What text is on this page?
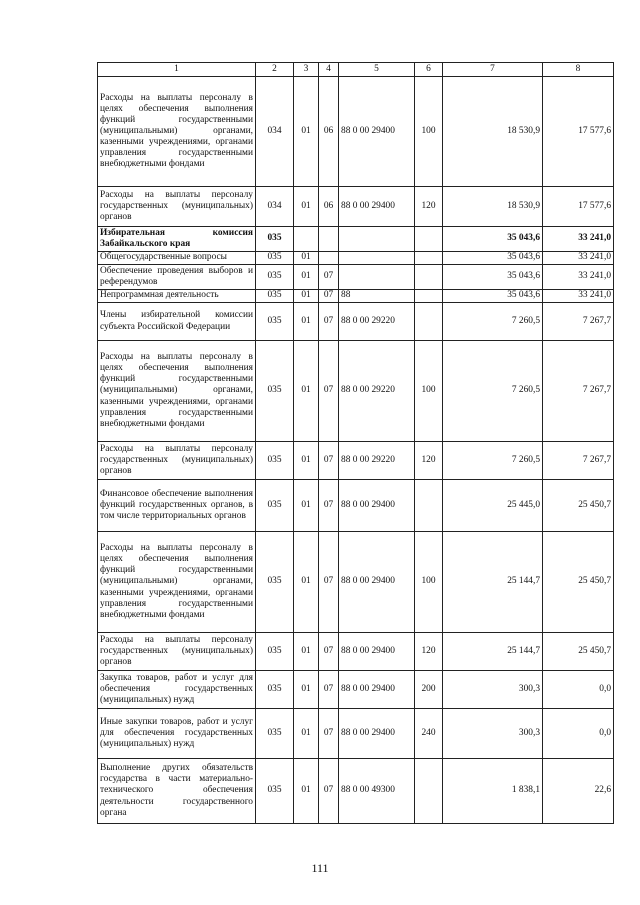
1	2	3	4	5	6	7	8
Расходы на выплаты персоналу в целях обеспечения выполнения функций государственными (муниципальными) органами, казенными учреждениями, органами управления государственными внебюджетными фондами	034	01	06	88 0 00 29400	100	18 530,9	17 577,6
Расходы на выплаты персоналу государственных (муниципальных) органов	034	01	06	88 0 00 29400	120	18 530,9	17 577,6
Избирательная комиссия Забайкальского края	035					35 043,6	33 241,0
Общегосударственные вопросы	035	01				35 043,6	33 241,0
Обеспечение проведения выборов и референдумов	035	01	07			35 043,6	33 241,0
Непрограммная деятельность	035	01	07	88		35 043,6	33 241,0
Члены избирательной комиссии субъекта Российской Федерации	035	01	07	88 0 00 29220		7 260,5	7 267,7
Расходы на выплаты персоналу в целях обеспечения выполнения функций государственными (муниципальными) органами, казенными учреждениями, органами управления государственными внебюджетными фондами	035	01	07	88 0 00 29220	100	7 260,5	7 267,7
Расходы на выплаты персоналу государственных (муниципальных) органов	035	01	07	88 0 00 29220	120	7 260,5	7 267,7
Финансовое обеспечение выполнения функций государственных органов, в том числе территориальных органов	035	01	07	88 0 00 29400		25 445,0	25 450,7
Расходы на выплаты персоналу в целях обеспечения выполнения функций государственными (муниципальными) органами, казенными учреждениями, органами управления государственными внебюджетными фондами	035	01	07	88 0 00 29400	100	25 144,7	25 450,7
Расходы на выплаты персоналу государственных (муниципальных) органов	035	01	07	88 0 00 29400	120	25 144,7	25 450,7
Закупка товаров, работ и услуг для обеспечения государственных (муниципальных) нужд	035	01	07	88 0 00 29400	200	300,3	0,0
Иные закупки товаров, работ и услуг для обеспечения государственных (муниципальных) нужд	035	01	07	88 0 00 29400	240	300,3	0,0
Выполнение других обязательств государства в части материально-технического обеспечения деятельности государственного органа	035	01	07	88 0 00 49300		1 838,1	22,6
111
